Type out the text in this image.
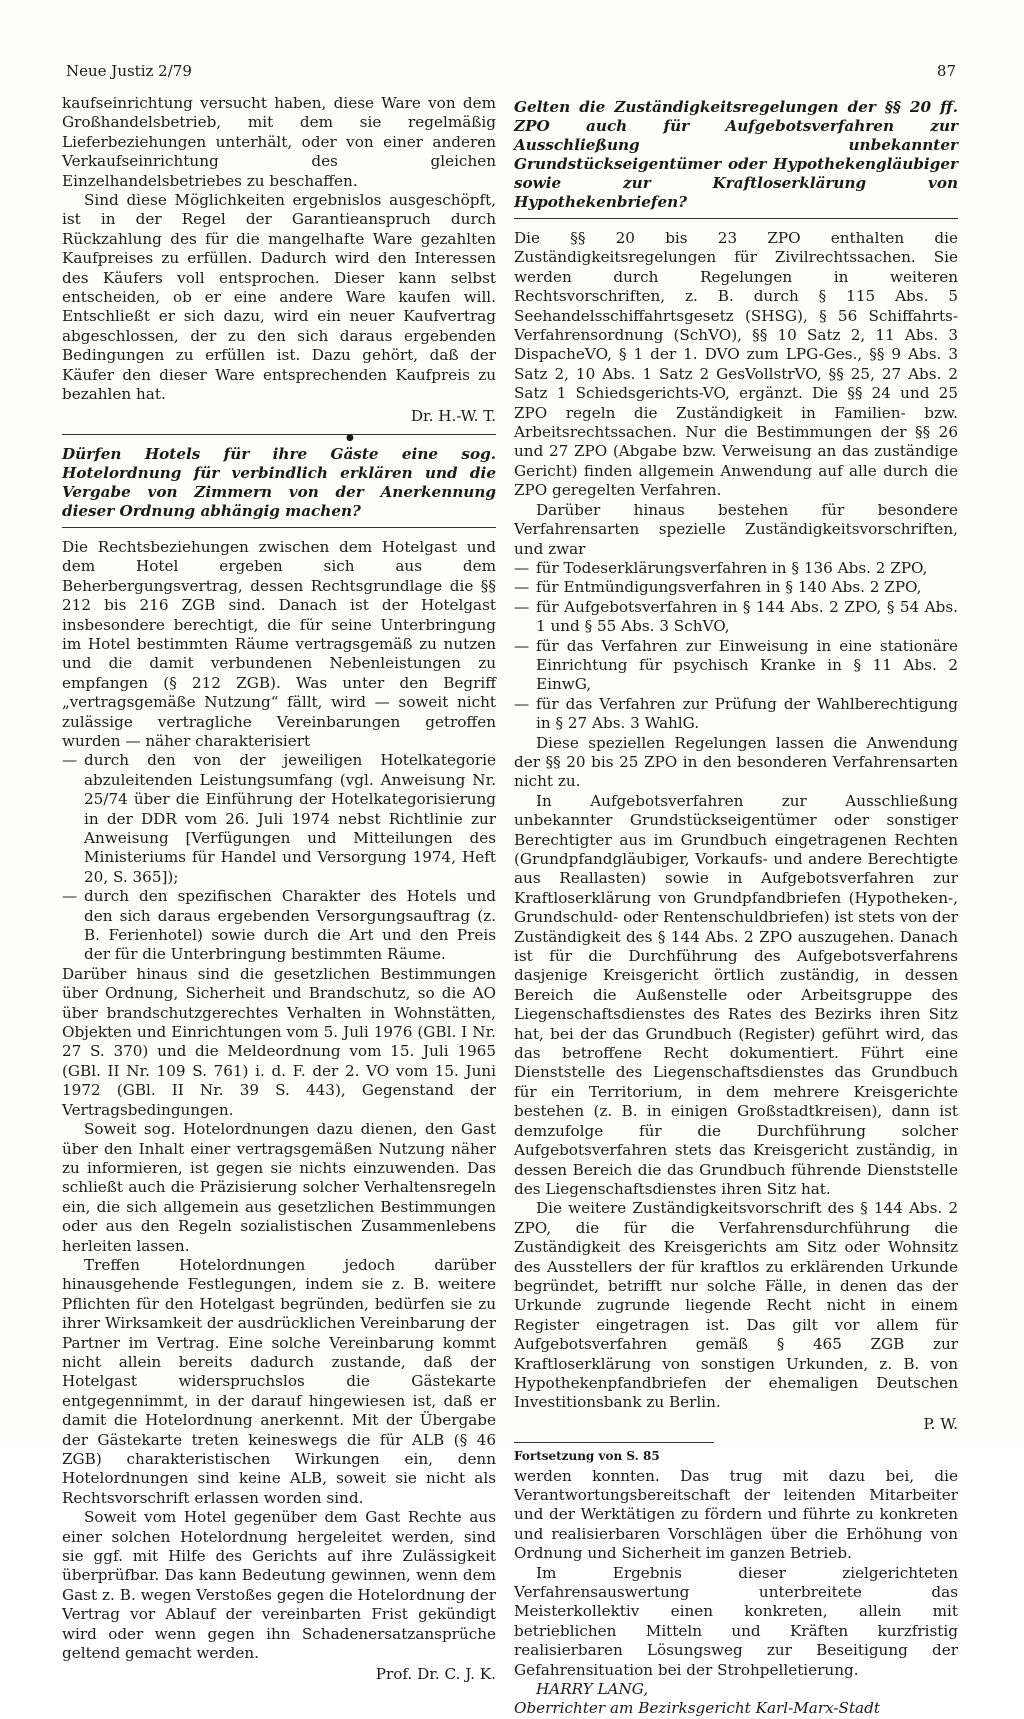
Neue Justiz 2/79	87

kaufseinrichtung versucht haben, diese Ware von dem Großhandelsbetrieb, mit dem sie regelmäßig Lieferbeziehungen unterhält, oder von einer anderen Verkaufseinrichtung des gleichen Einzelhandelsbetriebes zu beschaffen.

Sind diese Möglichkeiten ergebnislos ausgeschöpft, ist in der Regel der Garantieanspruch durch Rückzahlung des für die mangelhafte Ware gezahlten Kaufpreises zu erfüllen. Dadurch wird den Interessen des Käufers voll entsprochen. Dieser kann selbst entscheiden, ob er eine andere Ware kaufen will. Entschließt er sich dazu, wird ein neuer Kaufvertrag abgeschlossen, der zu den sich daraus ergebenden Bedingungen zu erfüllen ist. Dazu gehört, daß der Käufer den dieser Ware entsprechenden Kaufpreis zu bezahlen hat.

Dr. H.-W. T.

●
Dürfen Hotels für ihre Gäste eine sog. Hotelordnung für verbindlich erklären und die Vergabe von Zimmern von der Anerkennung dieser Ordnung abhängig machen?

Die Rechtsbeziehungen zwischen dem Hotelgast und dem Hotel ergeben sich aus dem Beherbergungsvertrag, dessen Rechtsgrundlage die §§ 212 bis 216 ZGB sind. Danach ist der Hotelgast insbesondere berechtigt, die für seine Unterbringung im Hotel bestimmten Räume vertragsgemäß zu nutzen und die damit verbundenen Nebenleistungen zu empfangen (§ 212 ZGB). Was unter den Begriff „vertragsgemäße Nutzung“ fällt, wird — soweit nicht zulässige vertragliche Vereinbarungen getroffen wurden — näher charakterisiert

— durch den von der jeweiligen Hotelkategorie abzuleitenden Leistungsumfang (vgl. Anweisung Nr. 25/74 über die Einführung der Hotelkategorisierung in der DDR vom 26. Juli 1974 nebst Richtlinie zur Anweisung [Verfügungen und Mitteilungen des Ministeriums für Handel und Versorgung 1974, Heft 20, S. 365]);

— durch den spezifischen Charakter des Hotels und den sich daraus ergebenden Versorgungsauftrag (z. B. Ferienhotel) sowie durch die Art und den Preis der für die Unterbringung bestimmten Räume.

Darüber hinaus sind die gesetzlichen Bestimmungen über Ordnung, Sicherheit und Brandschutz, so die AO über brandschutzgerechtes Verhalten in Wohnstätten, Objekten und Einrichtungen vom 5. Juli 1976 (GBl. I Nr. 27 S. 370) und die Meldeordnung vom 15. Juli 1965 (GBl. II Nr. 109 S. 761) i. d. F. der 2. VO vom 15. Juni 1972 (GBl. II Nr. 39 S. 443), Gegenstand der Vertragsbedingungen.

Soweit sog. Hotelordnungen dazu dienen, den Gast über den Inhalt einer vertragsgemäßen Nutzung näher zu informieren, ist gegen sie nichts einzuwenden. Das schließt auch die Präzisierung solcher Verhaltensregeln ein, die sich allgemein aus gesetzlichen Bestimmungen oder aus den Regeln sozialistischen Zusammenlebens herleiten lassen.

Treffen Hotelordnungen jedoch darüber hinausgehende Festlegungen, indem sie z. B. weitere Pflichten für den Hotelgast begründen, bedürfen sie zu ihrer Wirksamkeit der ausdrücklichen Vereinbarung der Partner im Vertrag. Eine solche Vereinbarung kommt nicht allein bereits dadurch zustande, daß der Hotelgast widerspruchslos die Gästekarte entgegennimmt, in der darauf hingewiesen ist, daß er damit die Hotelordnung anerkennt. Mit der Übergabe der Gästekarte treten keineswegs die für ALB (§ 46 ZGB) charakteristischen Wirkungen ein, denn Hotelordnungen sind keine ALB, soweit sie nicht als Rechtsvorschrift erlassen worden sind.

Soweit vom Hotel gegenüber dem Gast Rechte aus einer solchen Hotelordnung hergeleitet werden, sind sie ggf. mit Hilfe des Gerichts auf ihre Zulässigkeit überprüfbar. Das kann Bedeutung gewinnen, wenn dem Gast z. B. wegen Verstoßes gegen die Hotelordnung der Vertrag vor Ablauf der vereinbarten Frist gekündigt wird oder wenn gegen ihn Schadenersatzansprüche geltend gemacht werden.

Prof. Dr. C. J. K.

Gelten die Zuständigkeitsregelungen der §§ 20 ff. ZPO auch für Aufgebotsverfahren zur Ausschließung unbekannter Grundstückseigentümer oder Hypothekengläubiger sowie zur Kraftloserklärung von Hypothekenbriefen?

Die §§ 20 bis 23 ZPO enthalten die Zuständigkeitsregelungen für Zivilrechtssachen. Sie werden durch Regelungen in weiteren Rechtsvorschriften, z. B. durch § 115 Abs. 5 Seehandelsschiffahrtsgesetz (SHSG), § 56 Schiffahrts-Verfahrensordnung (SchVO), §§ 10 Satz 2, 11 Abs. 3 DispacheVO, § 1 der 1. DVO zum LPG-Ges., §§ 9 Abs. 3 Satz 2, 10 Abs. 1 Satz 2 GesVollstrVO, §§ 25, 27 Abs. 2 Satz 1 Schiedsgerichts-VO, ergänzt. Die §§ 24 und 25 ZPO regeln die Zuständigkeit in Familien- bzw. Arbeitsrechtssachen. Nur die Bestimmungen der §§ 26 und 27 ZPO (Abgabe bzw. Verweisung an das zuständige Gericht) finden allgemein Anwendung auf alle durch die ZPO geregelten Verfahren.

Darüber hinaus bestehen für besondere Verfahrensarten spezielle Zuständigkeitsvorschriften, und zwar

— für Todeserklärungsverfahren in § 136 Abs. 2 ZPO,

— für Entmündigungsverfahren in § 140 Abs. 2 ZPO,

— für Aufgebotsverfahren in § 144 Abs. 2 ZPO, § 54 Abs. 1 und § 55 Abs. 3 SchVO,

— für das Verfahren zur Einweisung in eine stationäre Einrichtung für psychisch Kranke in § 11 Abs. 2 EinwG,

— für das Verfahren zur Prüfung der Wahlberechtigung in § 27 Abs. 3 WahlG.

Diese speziellen Regelungen lassen die Anwendung der §§ 20 bis 25 ZPO in den besonderen Verfahrensarten nicht zu.

In Aufgebotsverfahren zur Ausschließung unbekannter Grundstückseigentümer oder sonstiger Berechtigter aus im Grundbuch eingetragenen Rechten (Grundpfandgläubiger, Vorkaufs- und andere Berechtigte aus Reallasten) sowie in Aufgebotsverfahren zur Kraftloserklärung von Grundpfandbriefen (Hypotheken-, Grundschuld- oder Rentenschuldbriefen) ist stets von der Zuständigkeit des § 144 Abs. 2 ZPO auszugehen. Danach ist für die Durchführung des Aufgebotsverfahrens dasjenige Kreisgericht örtlich zuständig, in dessen Bereich die Außenstelle oder Arbeitsgruppe des Liegenschaftsdienstes des Rates des Bezirks ihren Sitz hat, bei der das Grundbuch (Register) geführt wird, das das betroffene Recht dokumentiert. Führt eine Dienststelle des Liegenschaftsdienstes das Grundbuch für ein Territorium, in dem mehrere Kreisgerichte bestehen (z. B. in einigen Großstadtkreisen), dann ist demzufolge für die Durchführung solcher Aufgebotsverfahren stets das Kreisgericht zuständig, in dessen Bereich die das Grundbuch führende Dienststelle des Liegenschaftsdienstes ihren Sitz hat.

Die weitere Zuständigkeitsvorschrift des § 144 Abs. 2 ZPO, die für die Verfahrensdurchführung die Zuständigkeit des Kreisgerichts am Sitz oder Wohnsitz des Ausstellers der für kraftlos zu erklärenden Urkunde begründet, betrifft nur solche Fälle, in denen das der Urkunde zugrunde liegende Recht nicht in einem Register eingetragen ist. Das gilt vor allem für Aufgebotsverfahren gemäß § 465 ZGB zur Kraftloserklärung von sonstigen Urkunden, z. B. von Hypothekenpfandbriefen der ehemaligen Deutschen Investitionsbank zu Berlin.

P. W.

Fortsetzung von S. 85

werden konnten. Das trug mit dazu bei, die Verantwortungsbereitschaft der leitenden Mitarbeiter und der Werktätigen zu fördern und führte zu konkreten und realisierbaren Vorschlägen über die Erhöhung von Ordnung und Sicherheit im ganzen Betrieb.

Im Ergebnis dieser zielgerichteten Verfahrensauswertung unterbreitete das Meisterkollektiv einen konkreten, allein mit betrieblichen Mitteln und Kräften kurzfristig realisierbaren Lösungsweg zur Beseitigung der Gefahrensituation bei der Strohpelletierung.

HARRY LANG,

Oberrichter am Bezirksgericht Karl-Marx-Stadt
